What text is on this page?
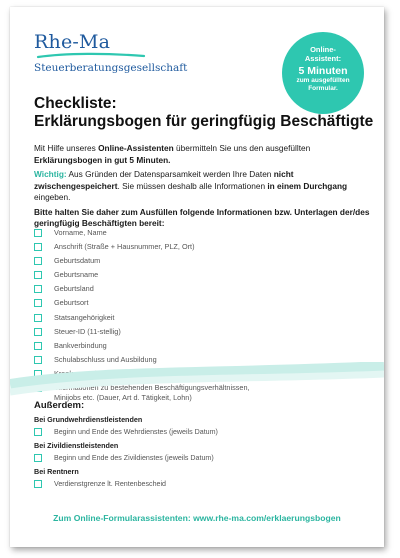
Rhe-Ma
Steuerberatungsgesellschaft
Online-
Assistent:
5 Minuten
zum ausgefüllten
Formular.
Checkliste:
Erklärungsbogen für geringfügig Beschäftigte
Mit Hilfe unseres Online-Assistenten übermitteln Sie uns den ausgefüllten Erklärungsbogen in gut 5 Minuten.
Wichtig: Aus Gründen der Datensparsamkeit werden Ihre Daten nicht zwischengespeichert. Sie müssen deshalb alle Informationen in einem Durchgang eingeben.
Bitte halten Sie daher zum Ausfüllen folgende Informationen bzw. Unterlagen der/des geringfügig Beschäftigten bereit:
Vorname, Name
Anschrift (Straße + Hausnummer, PLZ, Ort)
Geburtsdatum
Geburtsname
Geburtsland
Geburtsort
Statsangehörigkeit
Steuer-ID (11-stellig)
Bankverbindung
Schulabschluss und Ausbildung
Krankenversicherung
Informationen zu bestehenden Beschäftigungsverhältnissen,
Minijobs etc. (Dauer, Art d. Tätigkeit, Lohn)
Außerdem:
Bei Grundwehrdienstleistenden
Beginn und Ende des Wehrdienstes (jeweils Datum)
Bei Zivildienstleistenden
Beginn und Ende des Zivildienstes (jeweils Datum)
Bei Rentnern
Verdienstgrenze lt. Rentenbescheid
Zum Online-Formularassistenten: www.rhe-ma.com/erklaerungsbogen
